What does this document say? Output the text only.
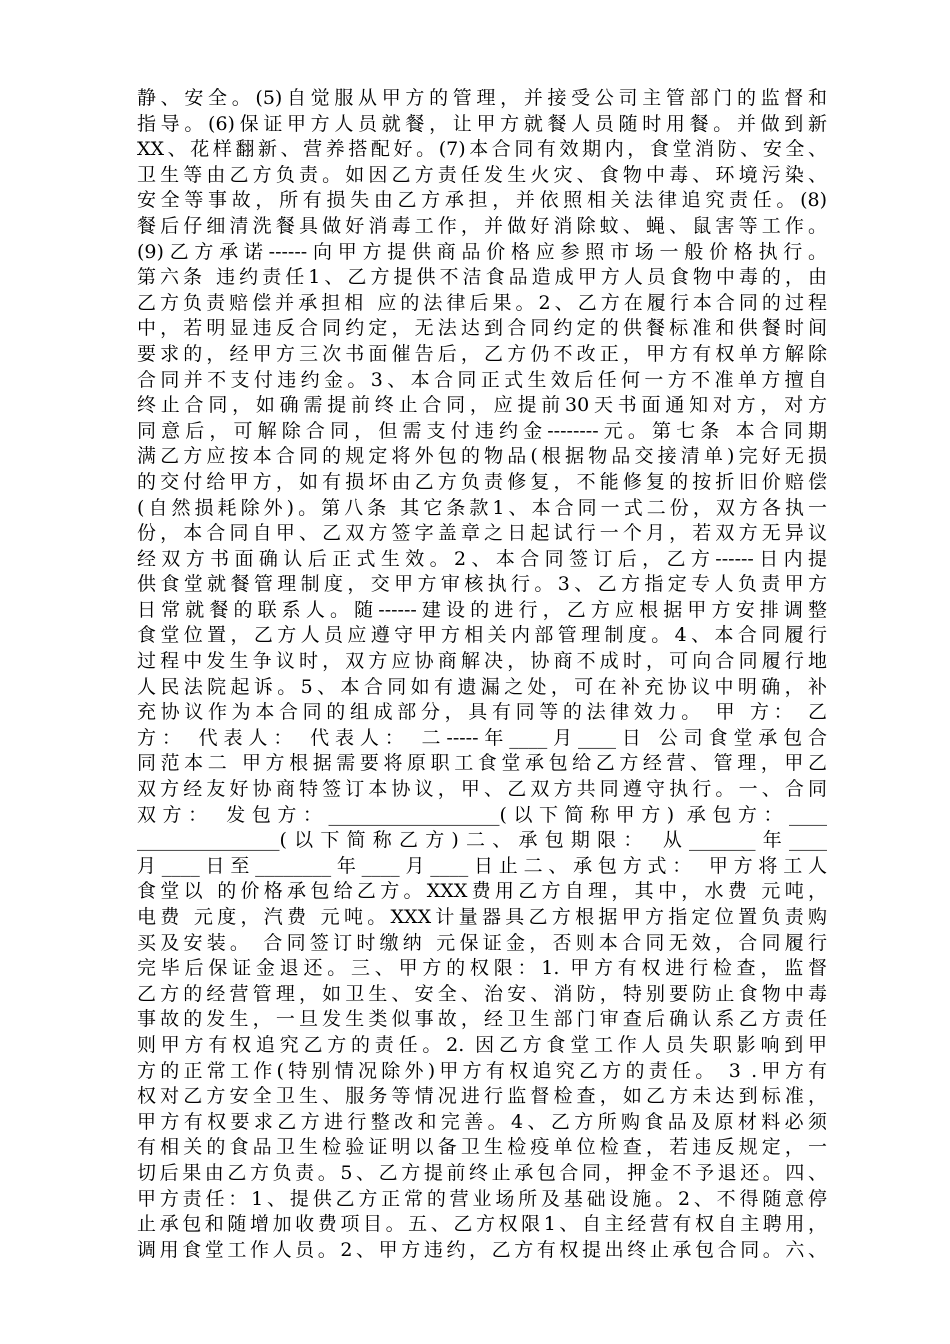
静、安全。(5)自觉服从甲方的管理，并接受公司主管部门的监督和
指导。(6)保证甲方人员就餐，让甲方就餐人员随时用餐。并做到新
XX、花样翻新、营养搭配好。(7)本合同有效期内，食堂消防、安全、
卫生等由乙方负责。如因乙方责任发生火灾、食物中毒、环境污染、
安全等事故，所有损失由乙方承担，并依照相关法律追究责任。(8)
餐后仔细清洗餐具做好消毒工作，并做好消除蚊、蝇、鼠害等工作。
(9)乙方承诺------向甲方提供商品价格应参照市场一般价格执行。
第六条 违约责任1、乙方提供不洁食品造成甲方人员食物中毒的，由
乙方负责赔偿并承担相 应的法律后果。2、乙方在履行本合同的过程
中，若明显违反合同约定，无法达到合同约定的供餐标准和供餐时间
要求的，经甲方三次书面催告后，乙方仍不改正，甲方有权单方解除
合同并不支付违约金。3、本合同正式生效后任何一方不准单方擅自
终止合同，如确需提前终止合同，应提前30天书面通知对方，对方
同意后，可解除合同，但需支付违约金--------元。第七条 本合同期
满乙方应按本合同的规定将外包的物品(根据物品交接清单)完好无损
的交付给甲方，如有损坏由乙方负责修复，不能修复的按折旧价赔偿
(自然损耗除外)。第八条 其它条款1、本合同一式二份，双方各执一
份，本合同自甲、乙双方签字盖章之日起试行一个月，若双方无异议
经双方书面确认后正式生效。2、本合同签订后，乙方------日内提
供食堂就餐管理制度，交甲方审核执行。3、乙方指定专人负责甲方
日常就餐的联系人。随------建设的进行，乙方应根据甲方安排调整
食堂位置，乙方人员应遵守甲方相关内部管理制度。4、本合同履行
过程中发生争议时，双方应协商解决，协商不成时，可向合同履行地
人民法院起诉。5、本合同如有遗漏之处，可在补充协议中明确，补
充协议作为本合同的组成部分，具有同等的法律效力。 甲 方： 乙
方： 代表人： 代表人： 二-----年____月____日 公司食堂承包合
同范本二 甲方根据需要将原职工食堂承包给乙方经营、管理，甲乙
双方经友好协商特签订本协议，甲、乙双方共同遵守执行。一、合同
双方： 发包方：__________________(以下简称甲方) 承包方：____
_______________(以下简称乙方)二、承包期限： 从_______年____
月____日至________年____月____日止二、承包方式： 甲方将工人
食堂以 的价格承包给乙方。XXX费用乙方自理，其中，水费 元吨，
电费 元度，汽费 元吨。XXX计量器具乙方根据甲方指定位置负责购
买及安装。 合同签订时缴纳 元保证金，否则本合同无效，合同履行
完毕后保证金退还。三、甲方的权限：1. 甲方有权进行检查，监督
乙方的经营管理，如卫生、安全、治安、消防，特别要防止食物中毒
事故的发生，一旦发生类似事故，经卫生部门审查后确认系乙方责任
则甲方有权追究乙方的责任。2. 因乙方食堂工作人员失职影响到甲
方的正常工作(特别情况除外)甲方有权追究乙方的责任。 3 .甲方有
权对乙方安全卫生、服务等情况进行监督检查，如乙方未达到标准，
甲方有权要求乙方进行整改和完善。4、乙方所购食品及原材料必须
有相关的食品卫生检验证明以备卫生检疫单位检查，若违反规定，一
切后果由乙方负责。5、乙方提前终止承包合同，押金不予退还。四、
甲方责任：1、提供乙方正常的营业场所及基础设施。2、不得随意停
止承包和随增加收费项目。五、乙方权限1、自主经营有权自主聘用，
调用食堂工作人员。2、甲方违约，乙方有权提出终止承包合同。六、
